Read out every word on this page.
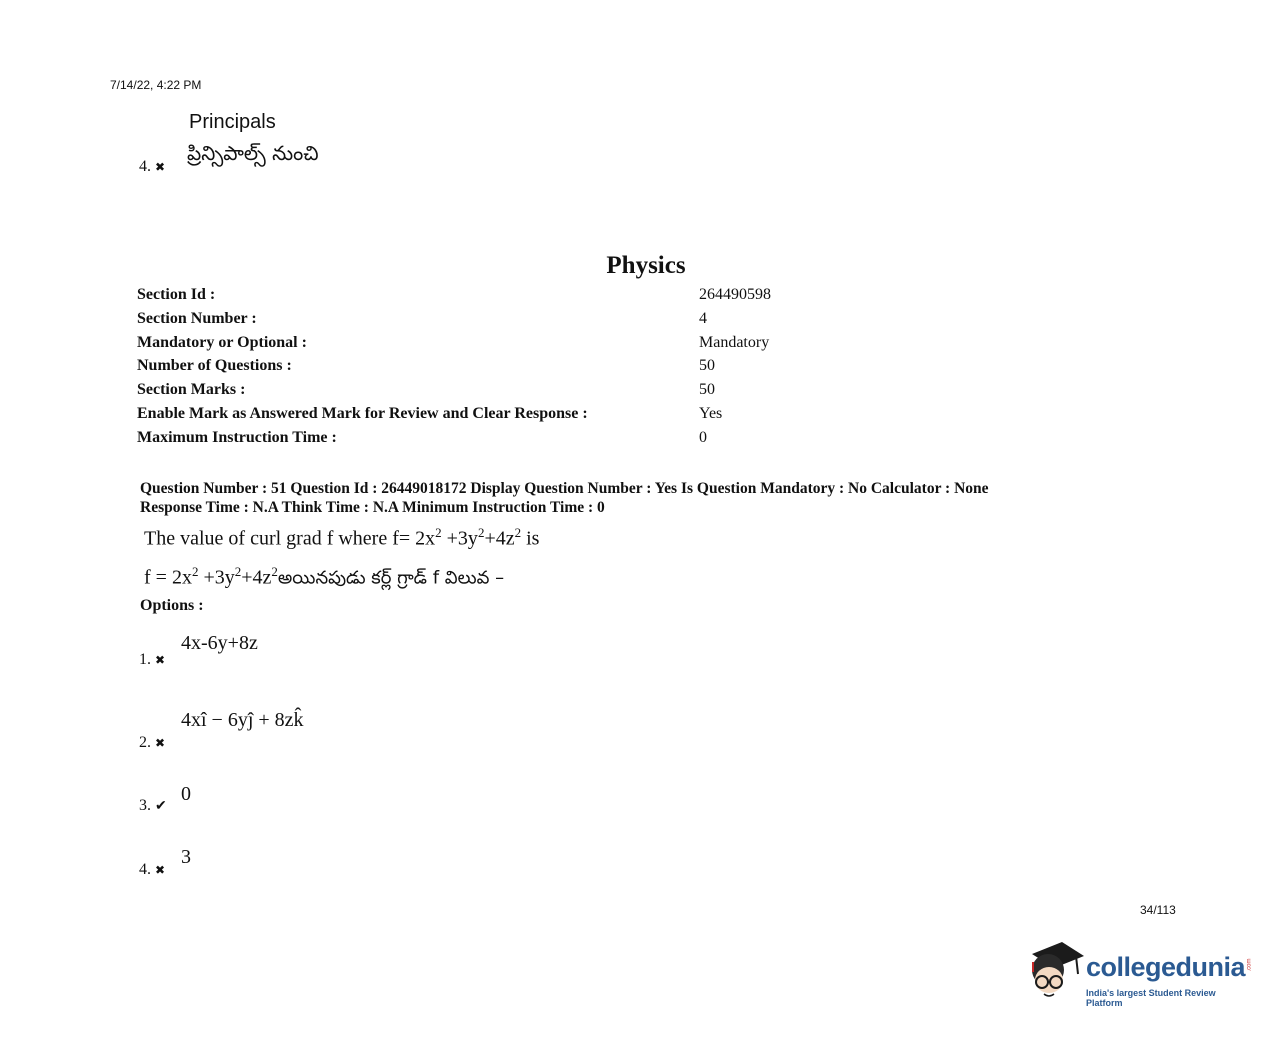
7/14/22, 4:22 PM
Principals
ప్రిన్సిపాల్స్ నుంచి
4. ✖
Physics
Section Id :	264490598
Section Number :	4
Mandatory or Optional :	Mandatory
Number of Questions :	50
Section Marks :	50
Enable Mark as Answered Mark for Review and Clear Response :	Yes
Maximum Instruction Time :	0
Question Number : 51 Question Id : 26449018172 Display Question Number : Yes Is Question Mandatory : No Calculator : None
Response Time : N.A Think Time : N.A Minimum Instruction Time : 0
The value of curl grad f where $f= 2x^2 +3y^2+4z^2$ is
$f = 2x^2$ $+3y^2+4z^2అయినపుడు$ కర్ల్ గ్రాడ్ f విలువ –
Options :
4x-6y+8z
1. ✖
4xî − 6yĵ + 8zk̂
2. ✖
0
3. ✔
3
4. ✖
34/113
collegedunia .com
India's largest Student Review Platform
